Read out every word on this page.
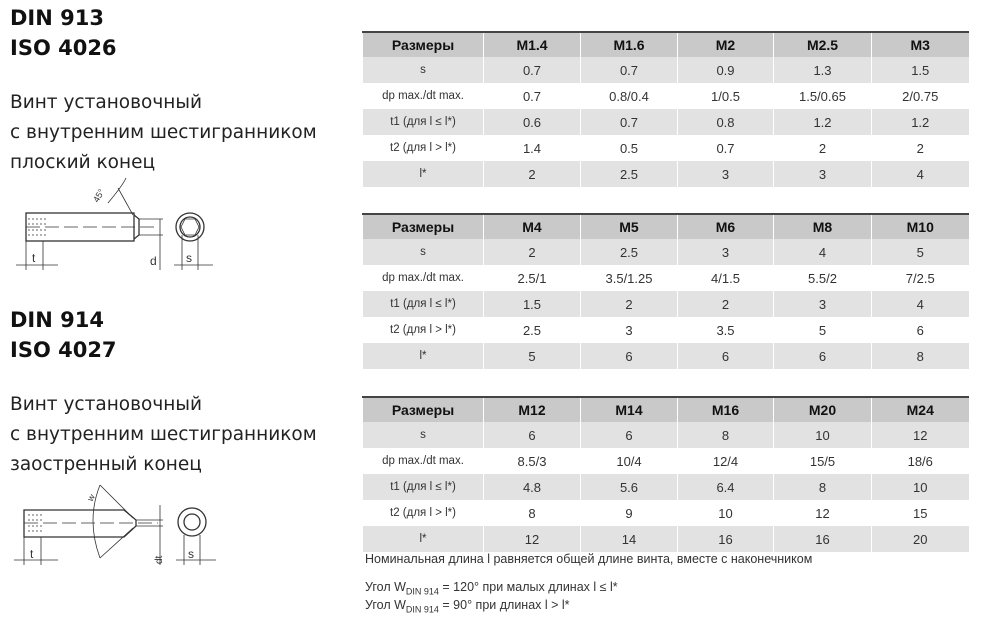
DIN 913
ISO 4026
Винт установочный
с внутренним шестигранником
плоский конец
45°
t	d s
DIN 914
ISO 4027
Винт установочный
с внутренним шестигранником
заостренный конец
w
t	dt s
Размеры	M1.4	M1.6	M2	M2.5	M3
s	0.7	0.7	0.9	1.3	1.5
dp max./dt max.	0.7	0.8/0.4	1/0.5	1.5/0.65	2/0.75
t1 (для l ≤ l*)	0.6	0.7	0.8	1.2	1.2
t2 (для l > l*)	1.4	0.5	0.7	2	2
l*	2	2.5	3	3	4
Размеры	M4	M5	M6	M8	M10
s	2	2.5	3	4	5
dp max./dt max.	2.5/1	3.5/1.25	4/1.5	5.5/2	7/2.5
t1 (для l ≤ l*)	1.5	2	2	3	4
t2 (для l > l*)	2.5	3	3.5	5	6
l*	5	6	6	6	8
Размеры	M12	M14	M16	M20	M24
s	6	6	8	10	12
dp max./dt max.	8.5/3	10/4	12/4	15/5	18/6
t1 (для l ≤ l*)	4.8	5.6	6.4	8	10
t2 (для l > l*)	8	9	10	12	15
l*	12	14	16	16	20
Номинальная длина l равняется общей длине винта, вместе с наконечником
Угол $W_{DIN 914} = 120^\circ$ при малых длинах l ≤ l*
Угол $W_{DIN 914} = 90^\circ$ при длинах l > l*
